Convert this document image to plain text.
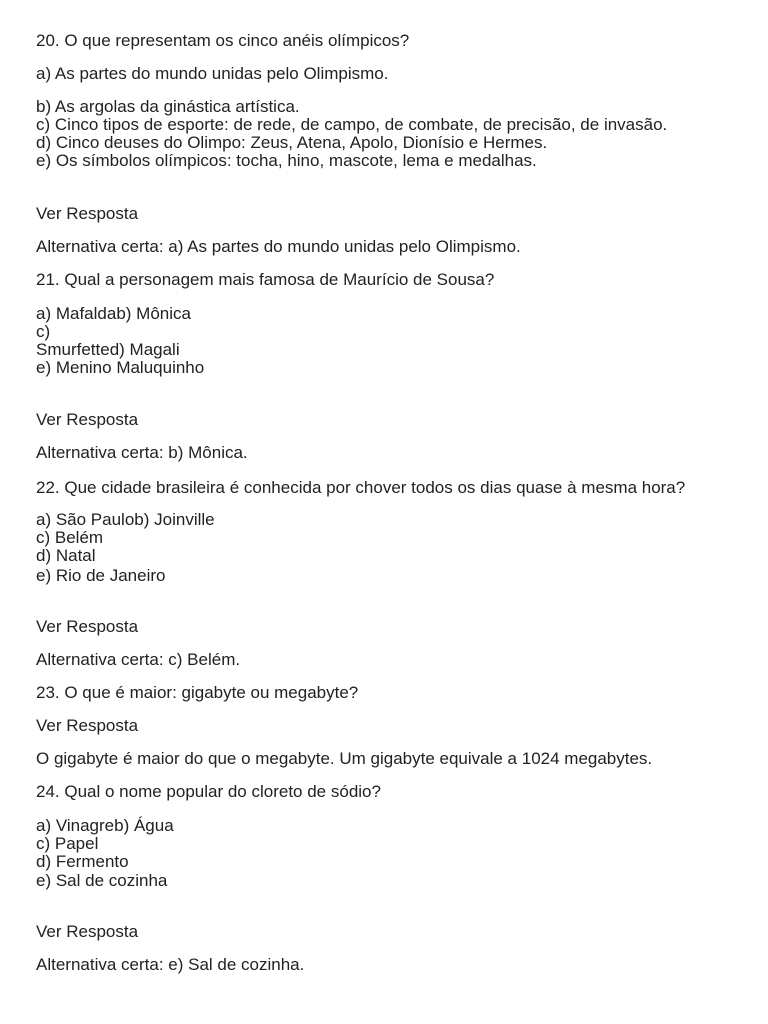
20. O que representam os cinco anéis olímpicos?
a) As partes do mundo unidas pelo Olimpismo.
b) As argolas da ginástica artística.
c) Cinco tipos de esporte: de rede, de campo, de combate, de precisão, de invasão.
d) Cinco deuses do Olimpo: Zeus, Atena, Apolo, Dionísio e Hermes.
e) Os símbolos olímpicos: tocha, hino, mascote, lema e medalhas.
Ver Resposta
Alternativa certa: a) As partes do mundo unidas pelo Olimpismo.
21. Qual a personagem mais famosa de Maurício de Sousa?
a) Mafaldab) Mônica
c)
Smurfetted) Magali
e) Menino Maluquinho
Ver Resposta
Alternativa certa: b) Mônica.
22. Que cidade brasileira é conhecida por chover todos os dias quase à mesma hora?
a) São Paulob) Joinville
c) Belém
d) Natal
e) Rio de Janeiro
Ver Resposta
Alternativa certa: c) Belém.
23. O que é maior: gigabyte ou megabyte?
Ver Resposta
O gigabyte é maior do que o megabyte. Um gigabyte equivale a 1024 megabytes.
24. Qual o nome popular do cloreto de sódio?
a) Vinagreb) Água
c) Papel
d) Fermento
e) Sal de cozinha
Ver Resposta
Alternativa certa: e) Sal de cozinha.
